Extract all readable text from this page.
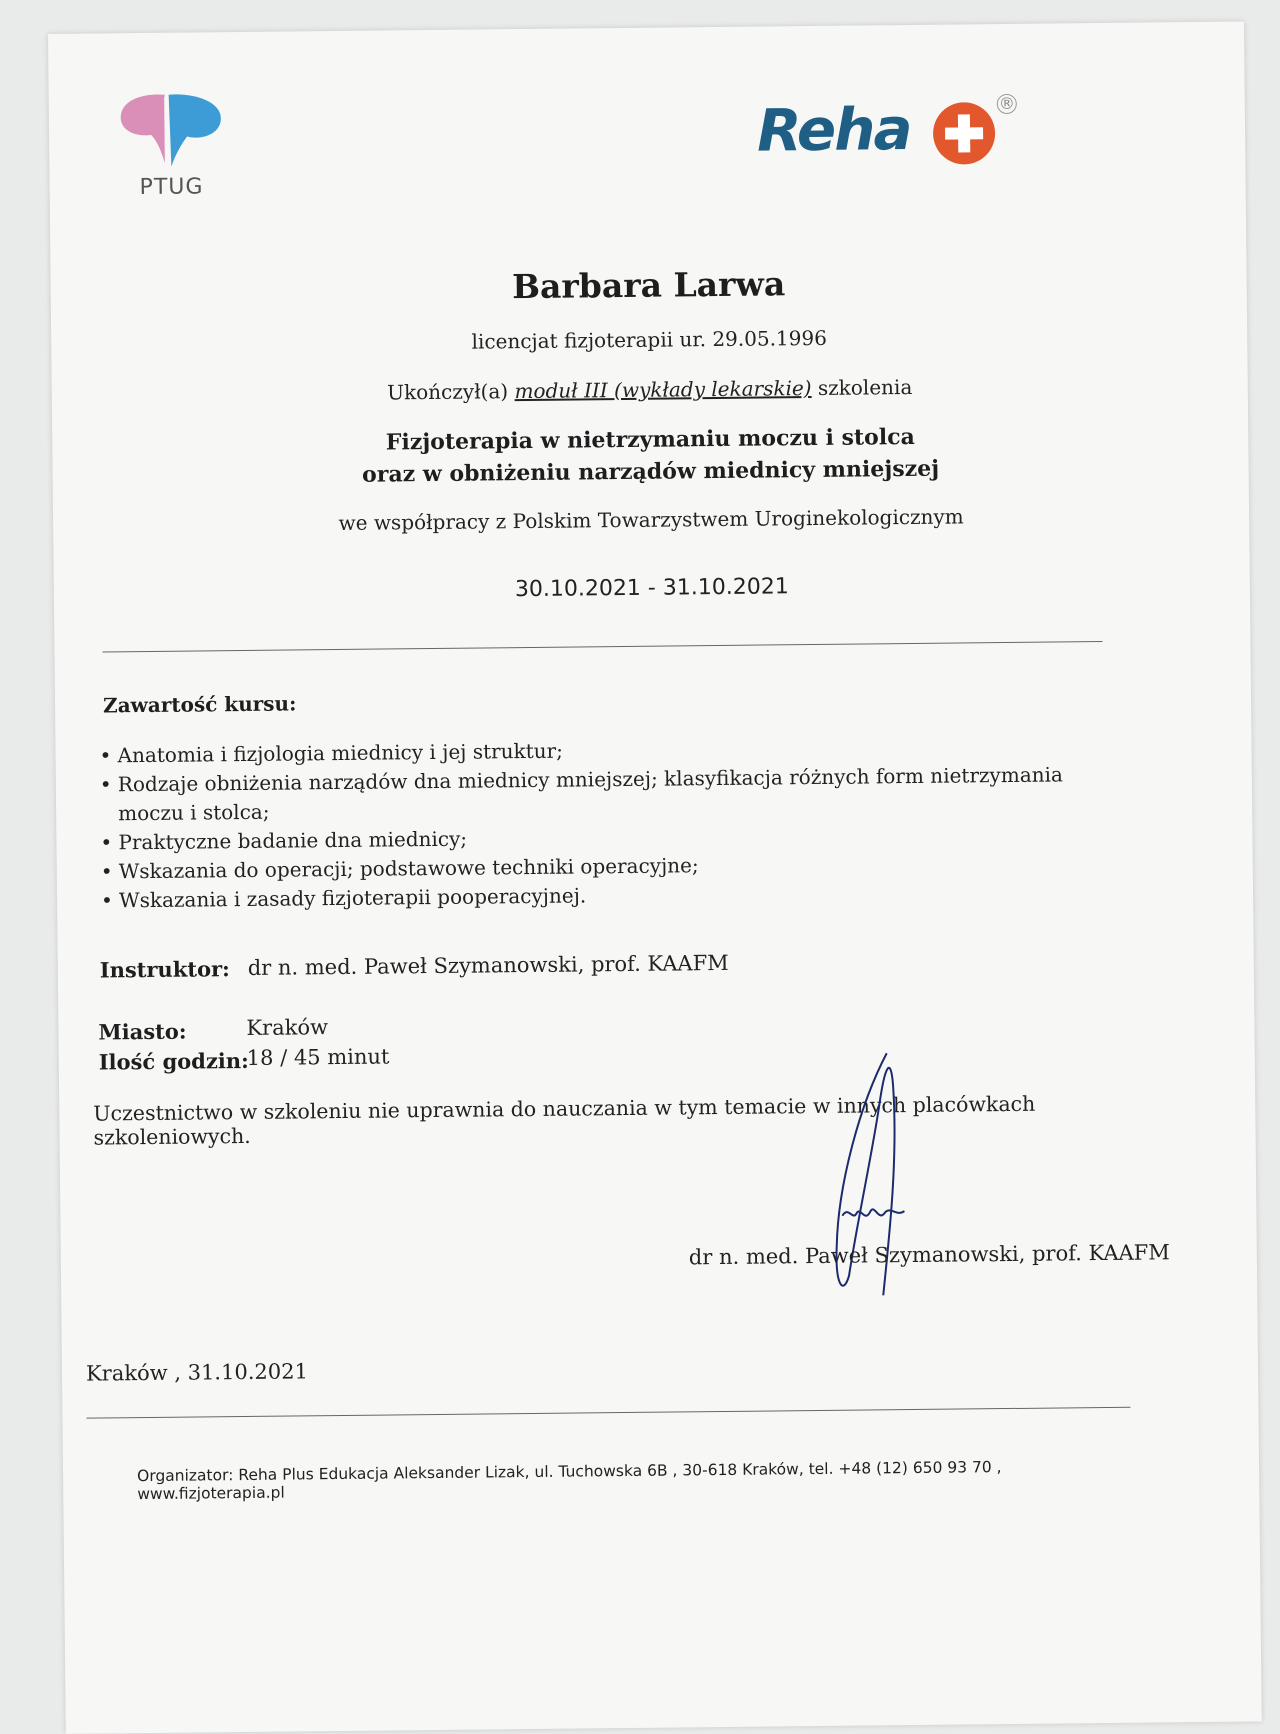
PTUG
Reha	®
Barbara Larwa
licencjat fizjoterapii ur. 29.05.1996
Ukończył(a) moduł III (wykłady lekarskie) szkolenia
Fizjoterapia w nietrzymaniu moczu i stolca
oraz w obniżeniu narządów miednicy mniejszej
we współpracy z Polskim Towarzystwem Uroginekologicznym
30.10.2021 - 31.10.2021
Zawartość kursu:
• Anatomia i fizjologia miednicy i jej struktur;
• Rodzaje obniżenia narządów dna miednicy mniejszej; klasyfikacja różnych form nietrzymania moczu i stolca;
• Praktyczne badanie dna miednicy;
• Wskazania do operacji; podstawowe techniki operacyjne;
• Wskazania i zasady fizjoterapii pooperacyjnej.
Instruktor: dr n. med. Paweł Szymanowski, prof. KAAFM
Miasto:	Kraków
Ilość godzin:
18 / 45 minut
Uczestnictwo w szkoleniu nie uprawnia do nauczania w tym temacie w innych placówkach szkoleniowych.
dr n. med. Paweł Szymanowski, prof. KAAFM
Kraków , 31.10.2021
Organizator: Reha Plus Edukacja Aleksander Lizak, ul. Tuchowska 6B , 30-618 Kraków, tel. +48 (12) 650 93 70 , www.fizjoterapia.pl
